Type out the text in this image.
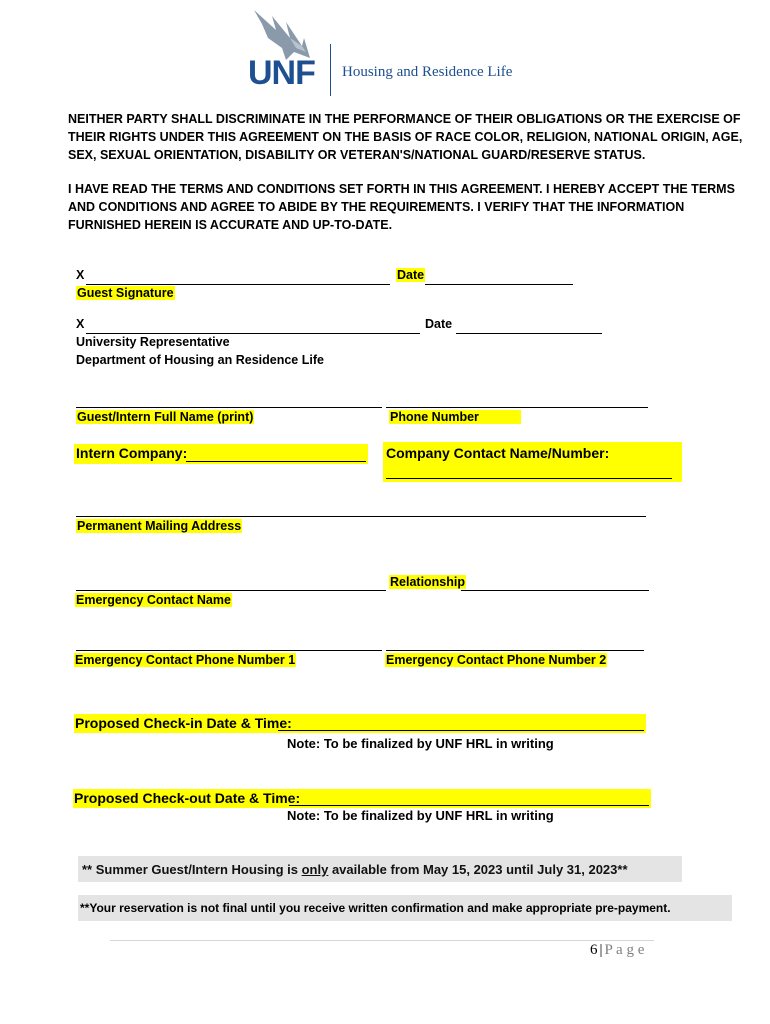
UNF Housing and Residence Life
NEITHER PARTY SHALL DISCRIMINATE IN THE PERFORMANCE OF THEIR OBLIGATIONS OR THE EXERCISE OF
THEIR RIGHTS UNDER THIS AGREEMENT ON THE BASIS OF RACE COLOR, RELIGION, NATIONAL ORIGIN, AGE,
SEX, SEXUAL ORIENTATION, DISABILITY OR VETERAN'S/NATIONAL GUARD/RESERVE STATUS.
I HAVE READ THE TERMS AND CONDITIONS SET FORTH IN THIS AGREEMENT. I HEREBY ACCEPT THE TERMS
AND CONDITIONS AND AGREE TO ABIDE BY THE REQUIREMENTS. I VERIFY THAT THE INFORMATION
FURNISHED HEREIN IS ACCURATE AND UP-TO-DATE.
X	Date
Guest Signature
X	Date
University Representative
Department of Housing an Residence Life
Guest/Intern Full Name (print)	Phone Number
Intern Company:	Company Contact Name/Number:
Permanent Mailing Address
Relationship
Emergency Contact Name
Emergency Contact Phone Number 1	Emergency Contact Phone Number 2
Proposed Check-in Date & Time:
Note: To be finalized by UNF HRL in writing
Proposed Check-out Date & Time:
Note: To be finalized by UNF HRL in writing
** Summer Guest/Intern Housing is only available from May 15, 2023 until July 31, 2023**
**Your reservation is not final until you receive written confirmation and make appropriate pre-payment.
6 | P a g e
